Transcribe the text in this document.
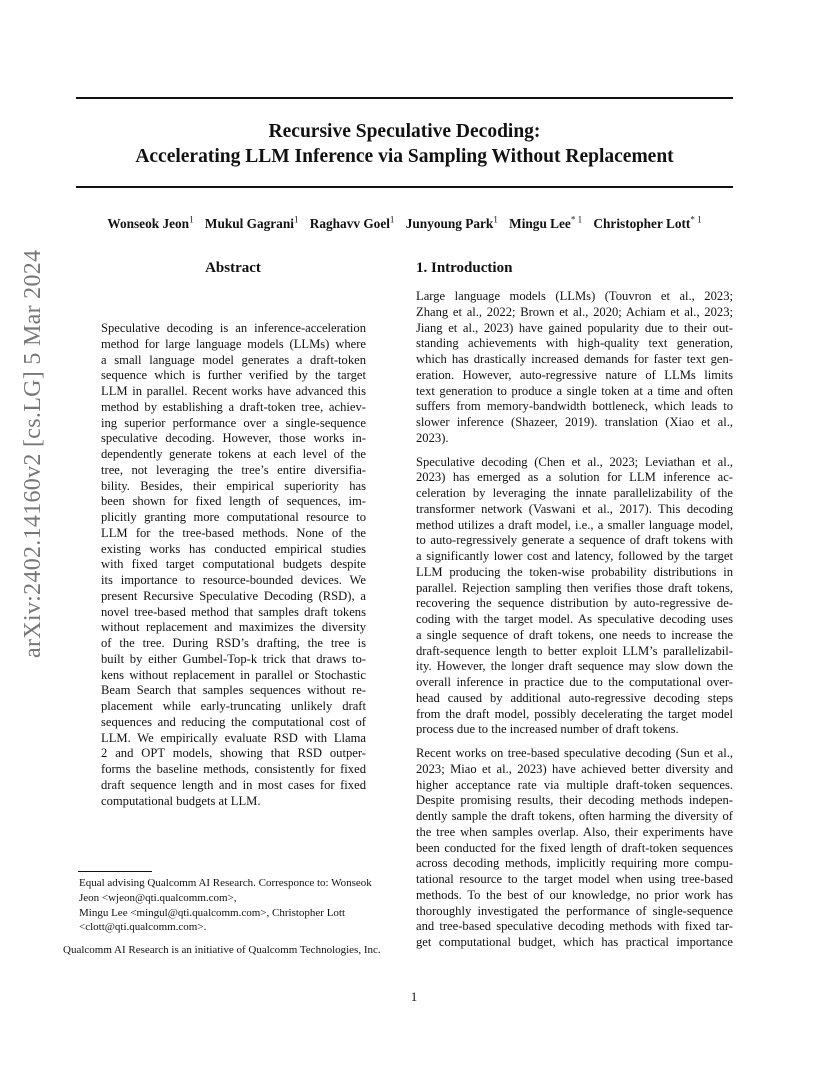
Recursive Speculative Decoding:
Accelerating LLM Inference via Sampling Without Replacement
Wonseok Jeon$^1$ Mukul Gagrani$^1$ Raghavv Goel$^1$ Junyoung Park$^1$ Mingu Lee$^{* 1}$ Christopher Lott$^{* 1}$
arXiv:2402.14160v2 [cs.LG] 5 Mar 2024	Abstract
Speculative decoding is an inference-acceleration
method for large language models (LLMs) where
a small language model generates a draft-token
sequence which is further verified by the target
LLM in parallel. Recent works have advanced this
method by establishing a draft-token tree, achiev-
ing superior performance over a single-sequence
speculative decoding. However, those works in-
dependently generate tokens at each level of the
tree, not leveraging the tree’s entire diversifia-
bility. Besides, their empirical superiority has
been shown for fixed length of sequences, im-
plicitly granting more computational resource to
LLM for the tree-based methods. None of the
existing works has conducted empirical studies
with fixed target computational budgets despite
its importance to resource-bounded devices. We
present Recursive Speculative Decoding (RSD), a
novel tree-based method that samples draft tokens
without replacement and maximizes the diversity
of the tree. During RSD’s drafting, the tree is
built by either Gumbel-Top-k trick that draws to-
kens without replacement in parallel or Stochastic
Beam Search that samples sequences without re-
placement while early-truncating unlikely draft
sequences and reducing the computational cost of
LLM. We empirically evaluate RSD with Llama
2 and OPT models, showing that RSD outper-
forms the baseline methods, consistently for fixed
draft sequence length and in most cases for fixed
computational budgets at LLM.
Equal advising Qualcomm AI Research. Corresponce to: Wonseok Jeon <wjeon@qti.qualcomm.com>,
Mingu Lee <mingul@qti.qualcomm.com>, Christopher Lott
<clott@qti.qualcomm.com>.
Qualcomm AI Research is an initiative of Qualcomm Technologies, Inc.
1. Introduction
Large language models (LLMs) (Touvron et al., 2023;
Zhang et al., 2022; Brown et al., 2020; Achiam et al., 2023;
Jiang et al., 2023) have gained popularity due to their out-
standing achievements with high-quality text generation,
which has drastically increased demands for faster text gen-
eration. However, auto-regressive nature of LLMs limits
text generation to produce a single token at a time and often
suffers from memory-bandwidth bottleneck, which leads to
slower inference (Shazeer, 2019). translation (Xiao et al.,
2023).
Speculative decoding (Chen et al., 2023; Leviathan et al.,
2023) has emerged as a solution for LLM inference ac-
celeration by leveraging the innate parallelizability of the
transformer network (Vaswani et al., 2017). This decoding
method utilizes a draft model, i.e., a smaller language model,
to auto-regressively generate a sequence of draft tokens with
a significantly lower cost and latency, followed by the target
LLM producing the token-wise probability distributions in
parallel. Rejection sampling then verifies those draft tokens,
recovering the sequence distribution by auto-regressive de-
coding with the target model. As speculative decoding uses
a single sequence of draft tokens, one needs to increase the
draft-sequence length to better exploit LLM’s parallelizabil-
ity. However, the longer draft sequence may slow down the
overall inference in practice due to the computational over-
head caused by additional auto-regressive decoding steps
from the draft model, possibly decelerating the target model
process due to the increased number of draft tokens.
Recent works on tree-based speculative decoding (Sun et al.,
2023; Miao et al., 2023) have achieved better diversity and
higher acceptance rate via multiple draft-token sequences.
Despite promising results, their decoding methods indepen-
dently sample the draft tokens, often harming the diversity of
the tree when samples overlap. Also, their experiments have
been conducted for the fixed length of draft-token sequences
across decoding methods, implicitly requiring more compu-
tational resource to the target model when using tree-based
methods. To the best of our knowledge, no prior work has
thoroughly investigated the performance of single-sequence
and tree-based speculative decoding methods with fixed tar-
get computational budget, which has practical importance
1
